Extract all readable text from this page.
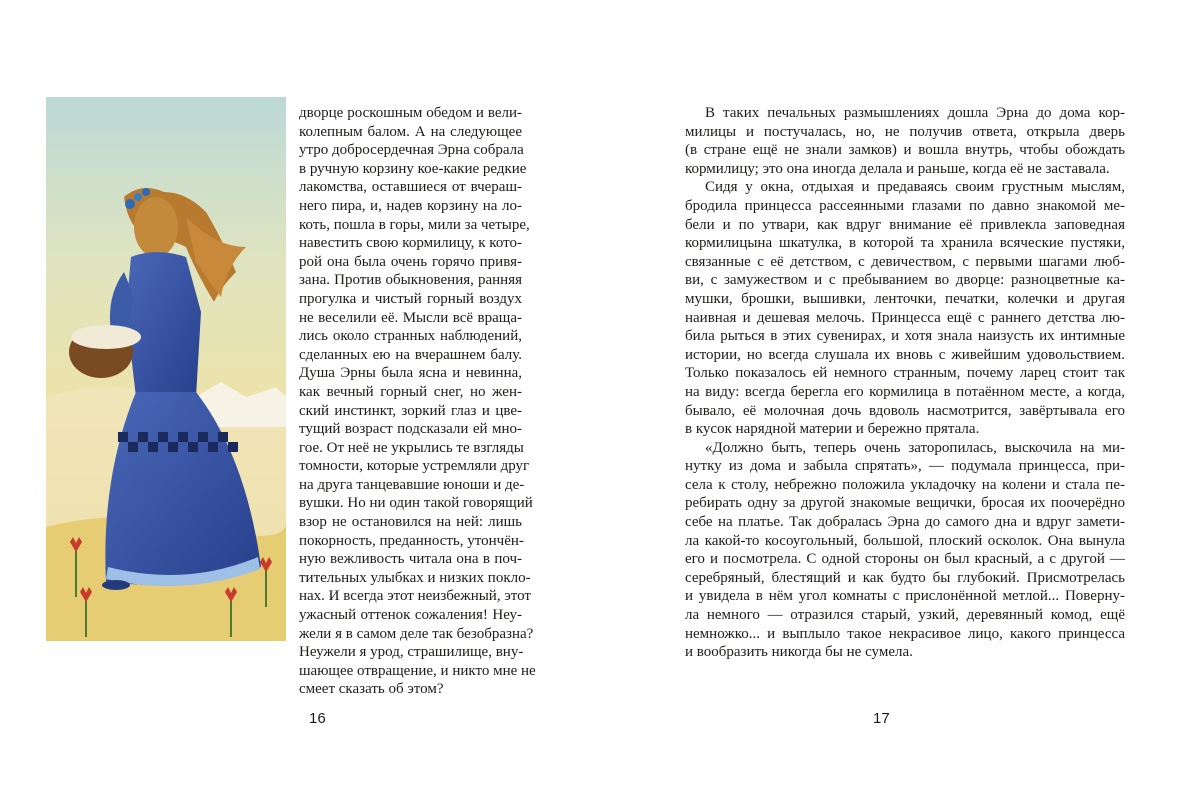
дворце роскошным обедом и вели-
колепным балом. А на следующее
утро добросердечная Эрна собрала
в ручную корзину кое-какие редкие
лакомства, оставшиеся от вчераш-
него пира, и, надев корзину на ло-
коть, пошла в горы, мили за четыре,
навестить свою кормилицу, к кото-
рой она была очень горячо привя-
зана. Против обыкновения, ранняя
прогулка и чистый горный воздух
не веселили её. Мысли всё враща-
лись около странных наблюдений,
сделанных ею на вчерашнем балу.
Душа Эрны была ясна и невинна,
как вечный горный снег, но жен-
ский инстинкт, зоркий глаз и цве-
тущий возраст подсказали ей мно-
гое. От неё не укрылись те взгляды
томности, которые устремляли друг
на друга танцевавшие юноши и де-
вушки. Но ни один такой говорящий
взор не остановился на ней: лишь
покорность, преданность, утончён-
ную вежливость читала она в поч-
тительных улыбках и низких покло-
нах. И всегда этот неизбежный, этот
ужасный оттенок сожаления! Неу-
жели я в самом деле так безобразна?
Неужели я урод, страшилище, вну-
шающее отвращение, и никто мне не
смеет сказать об этом?
16
В таких печальных размышлениях дошла Эрна до дома кор-
милицы и постучалась, но, не получив ответа, открыла дверь
(в стране ещё не знали замков) и вошла внутрь, чтобы обождать
кормилицу; это она иногда делала и раньше, когда её не заставала.
Сидя у окна, отдыхая и предаваясь своим грустным мыслям,
бродила принцесса рассеянными глазами по давно знакомой ме-
бели и по утвари, как вдруг внимание её привлекла заповедная
кормилицына шкатулка, в которой та хранила всяческие пустяки,
связанные с её детством, с девичеством, с первыми шагами люб-
ви, с замужеством и с пребыванием во дворце: разноцветные ка-
мушки, брошки, вышивки, ленточки, печатки, колечки и другая
наивная и дешевая мелочь. Принцесса ещё с раннего детства лю-
била рыться в этих сувенирах, и хотя знала наизусть их интимные
истории, но всегда слушала их вновь с живейшим удовольствием.
Только показалось ей немного странным, почему ларец стоит так
на виду: всегда берегла его кормилица в потаённом месте, а когда,
бывало, её молочная дочь вдоволь насмотрится, завёртывала его
в кусок нарядной материи и бережно прятала.
«Должно быть, теперь очень заторопилась, выскочила на ми-
нутку из дома и забыла спрятать», — подумала принцесса, при-
села к столу, небрежно положила укладочку на колени и стала пе-
ребирать одну за другой знакомые вещички, бросая их поочерёдно
себе на платье. Так добралась Эрна до самого дна и вдруг замети-
ла какой-то косоугольный, большой, плоский осколок. Она вынула
его и посмотрела. С одной стороны он был красный, а с другой —
серебряный, блестящий и как будто бы глубокий. Присмотрелась
и увидела в нём угол комнаты с прислонённой метлой... Поверну-
ла немного — отразился старый, узкий, деревянный комод, ещё
немножко... и выплыло такое некрасивое лицо, какого принцесса
и вообразить никогда бы не сумела.
17
